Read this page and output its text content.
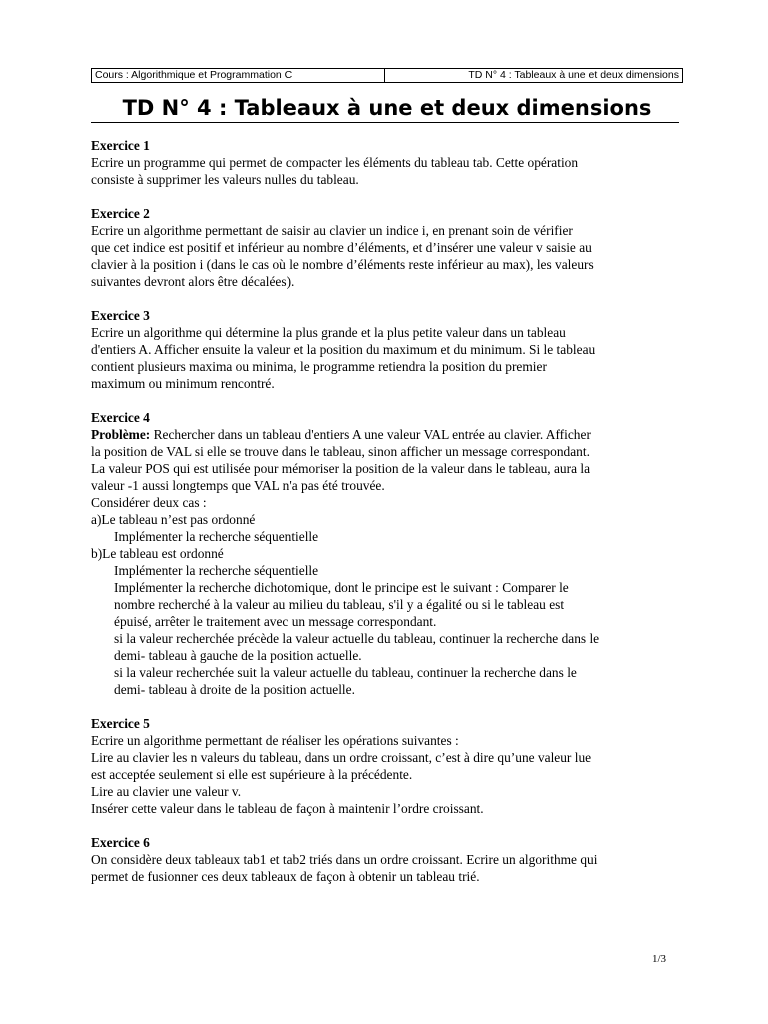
Cours : Algorithmique et Programmation C	TD N° 4 : Tableaux à une et deux dimensions
TD N° 4 : Tableaux à une et deux dimensions
Exercice 1
Ecrire un programme qui permet de compacter les éléments du tableau tab. Cette opération
consiste à supprimer les valeurs nulles du tableau.
Exercice 2
Ecrire un algorithme permettant de saisir au clavier un indice i, en prenant soin de vérifier
que cet indice est positif et inférieur au nombre d’éléments, et d’insérer une valeur v saisie au
clavier à la position i (dans le cas où le nombre d’éléments reste inférieur au max), les valeurs
suivantes devront alors être décalées).
Exercice 3
Ecrire un algorithme qui détermine la plus grande et la plus petite valeur dans un tableau
d'entiers A. Afficher ensuite la valeur et la position du maximum et du minimum. Si le tableau
contient plusieurs maxima ou minima, le programme retiendra la position du premier
maximum ou minimum rencontré.
Exercice 4
Problème: Rechercher dans un tableau d'entiers A une valeur VAL entrée au clavier. Afficher
la position de VAL si elle se trouve dans le tableau, sinon afficher un message correspondant.
La valeur POS qui est utilisée pour mémoriser la position de la valeur dans le tableau, aura la
valeur -1 aussi longtemps que VAL n'a pas été trouvée.
Considérer deux cas :
a)Le tableau n’est pas ordonné
Implémenter la recherche séquentielle
b)Le tableau est ordonné
Implémenter la recherche séquentielle
Implémenter la recherche dichotomique, dont le principe est le suivant : Comparer le
nombre recherché à la valeur au milieu du tableau, s'il y a égalité ou si le tableau est
épuisé, arrêter le traitement avec un message correspondant.
si la valeur recherchée précède la valeur actuelle du tableau, continuer la recherche dans le
demi- tableau à gauche de la position actuelle.
si la valeur recherchée suit la valeur actuelle du tableau, continuer la recherche dans le
demi- tableau à droite de la position actuelle.
Exercice 5
Ecrire un algorithme permettant de réaliser les opérations suivantes :
Lire au clavier les n valeurs du tableau, dans un ordre croissant, c’est à dire qu’une valeur lue
est acceptée seulement si elle est supérieure à la précédente.
Lire au clavier une valeur v.
Insérer cette valeur dans le tableau de façon à maintenir l’ordre croissant.
Exercice 6
On considère deux tableaux tab1 et tab2 triés dans un ordre croissant. Ecrire un algorithme qui
permet de fusionner ces deux tableaux de façon à obtenir un tableau trié.
1/3
